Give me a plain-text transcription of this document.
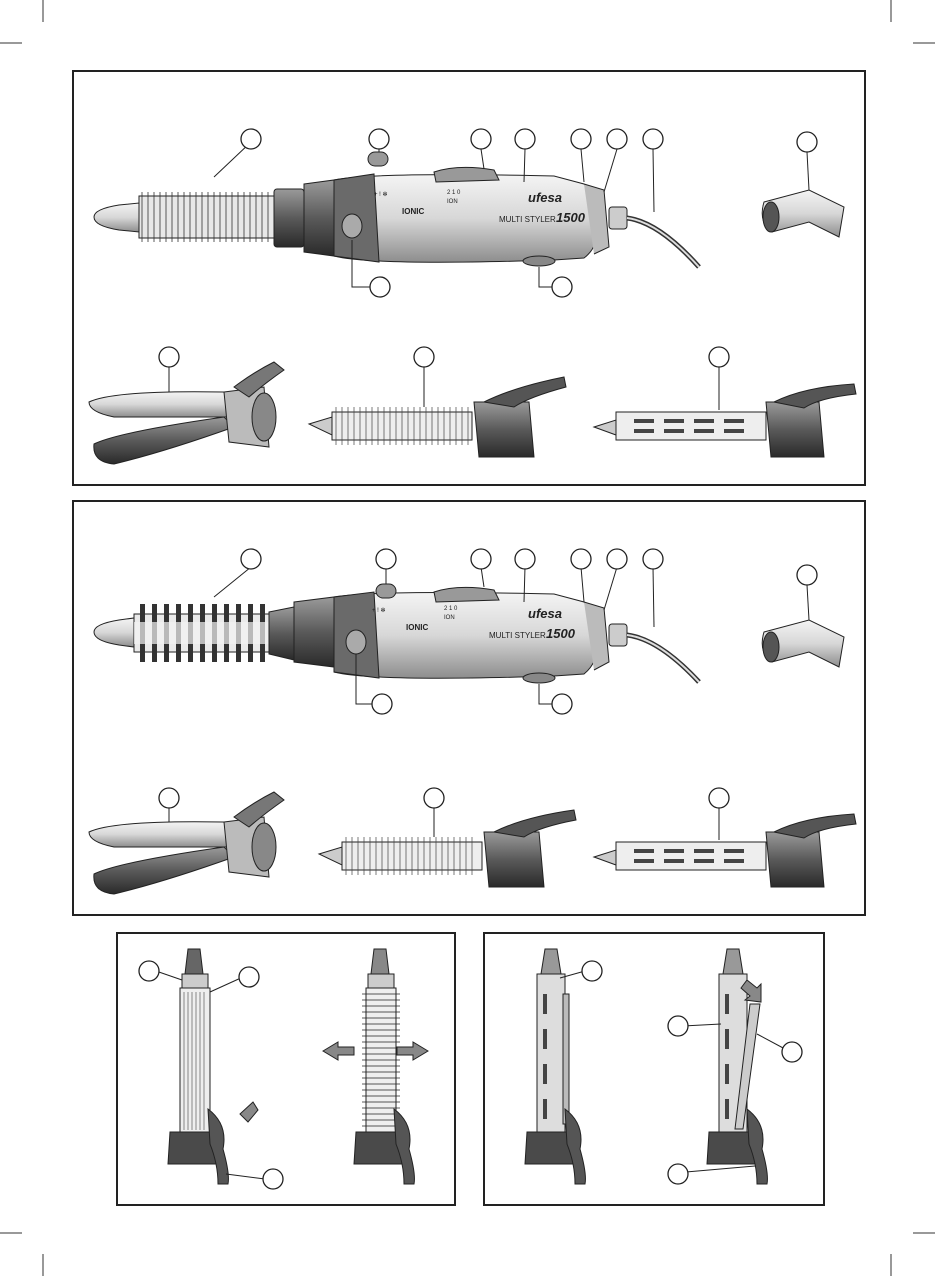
ufesa
MULTI STYLER 1500
IONIC
2 1 0
ION
+ ! ✻
ufesa
MULTI STYLER 1500
IONIC
2 1 0
ION
+ ! ✻
